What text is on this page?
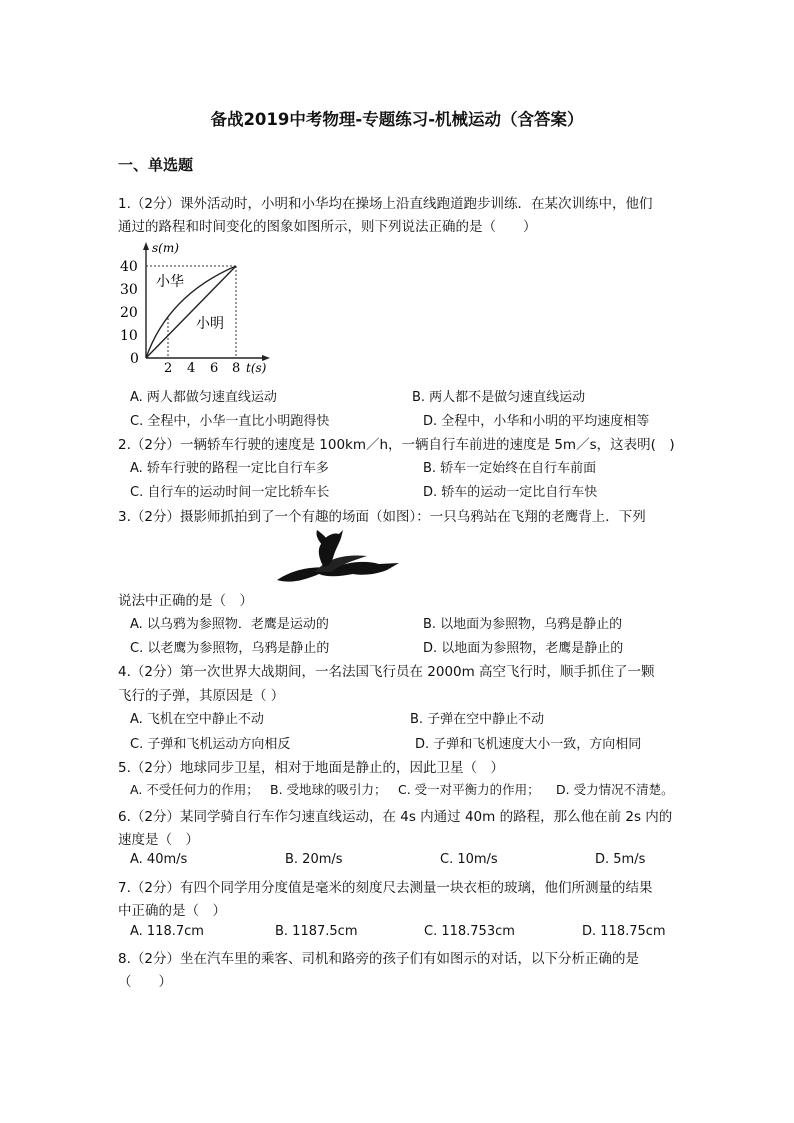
备战2019中考物理-专题练习-机械运动（含答案）
一、单选题
1.（2分）课外活动时，小明和小华均在操场上沿直线跑道跑步训练．在某次训练中，他们
通过的路程和时间变化的图象如图所示，则下列说法正确的是（　　）
40
30
20
10
0
2 4 6 8
s(m)
t(s)
小华
小明
A. 两人都做匀速直线运动	B. 两人都不是做匀速直线运动
C. 全程中，小华一直比小明跑得快	D. 全程中，小华和小明的平均速度相等
2.（2分）一辆轿车行驶的速度是 100km／h，一辆自行车前进的速度是 5m／s，这表明(　)
A. 轿车行驶的路程一定比自行车多	B. 轿车一定始终在自行车前面
C. 自行车的运动时间一定比轿车长	D. 轿车的运动一定比自行车快
3.（2分）摄影师抓拍到了一个有趣的场面（如图）：一只乌鸦站在飞翔的老鹰背上．下列
说法中正确的是（　）
A. 以乌鸦为参照物．老鹰是运动的	B. 以地面为参照物，乌鸦是静止的
C. 以老鹰为参照物，乌鸦是静止的	D. 以地面为参照物，老鹰是静止的
4.（2分）第一次世界大战期间，一名法国飞行员在 2000m 高空飞行时，顺手抓住了一颗
飞行的子弹，其原因是（ ）
A. 飞机在空中静止不动	B. 子弹在空中静止不动
C. 子弹和飞机运动方向相反	D. 子弹和飞机速度大小一致，方向相同
5.（2分）地球同步卫星，相对于地面是静止的，因此卫星（　）
A. 不受任何力的作用； B. 受地球的吸引力； C. 受一对平衡力的作用； D. 受力情况不清楚。
6.（2分）某同学骑自行车作匀速直线运动，在 4s 内通过 40m 的路程，那么他在前 2s 内的
速度是（　）
A. 40m/s	B. 20m/s	C. 10m/s	D. 5m/s
7.（2分）有四个同学用分度值是毫米的刻度尺去测量一块衣柜的玻璃，他们所测量的结果
中正确的是（　）
A. 118.7cm	B. 1187.5cm	C. 118.753cm	D. 118.75cm
8.（2分）坐在汽车里的乘客、司机和路旁的孩子们有如图示的对话，以下分析正确的是
（　　）
